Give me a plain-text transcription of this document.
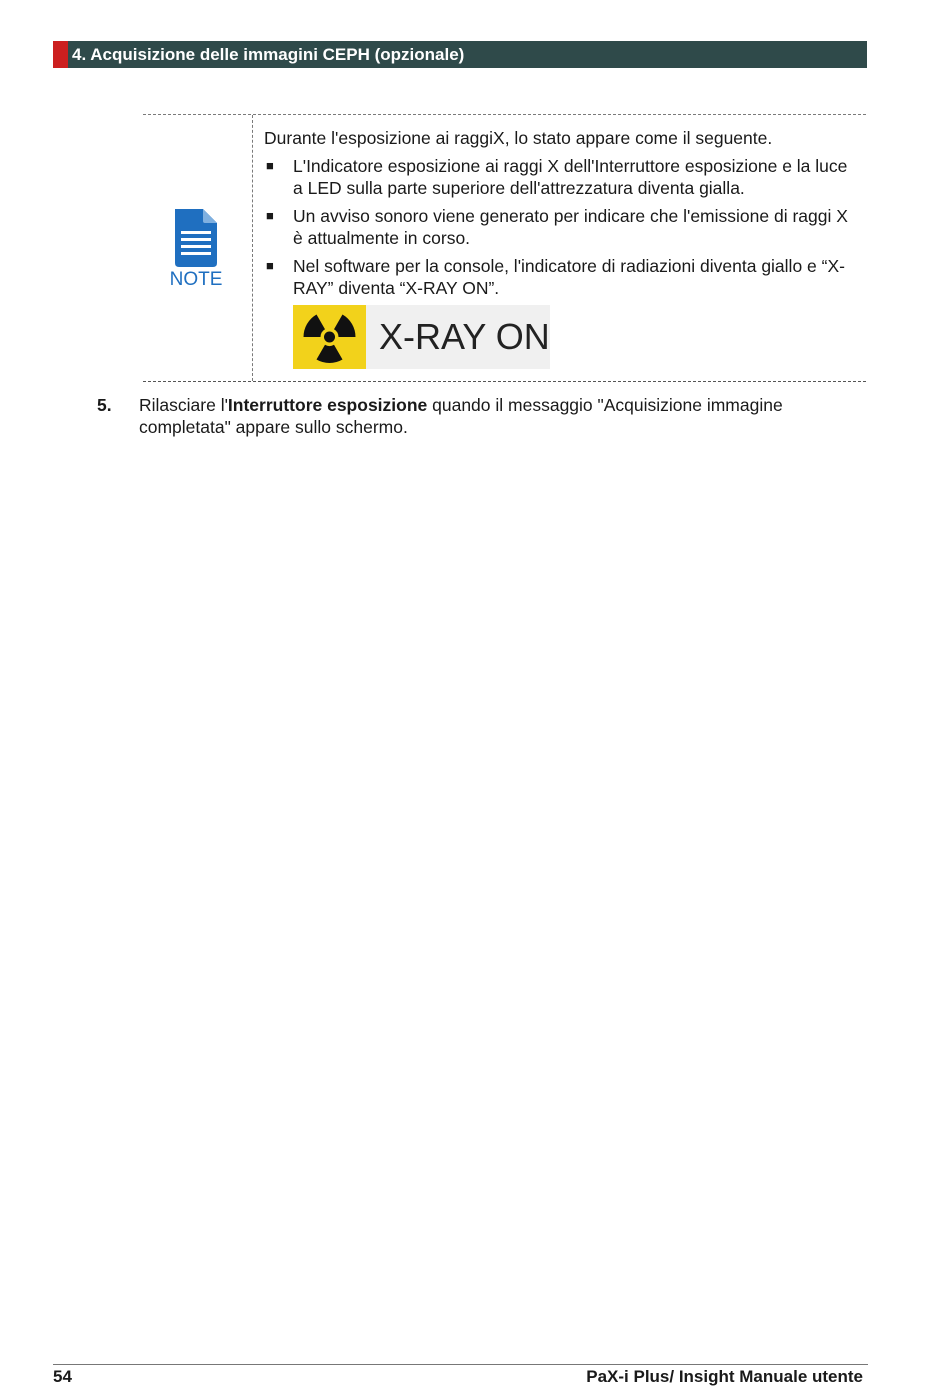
4. Acquisizione delle immagini CEPH (opzionale)
NOTE

Durante l'esposizione ai raggiX, lo stato appare come il seguente.

■ L'Indicatore esposizione ai raggi X dell'Interruttore esposizione e la luce a LED sulla parte superiore dell'attrezzatura diventa gialla.
■ Un avviso sonoro viene generato per indicare che l'emissione di raggi X è attualmente in corso.
■ Nel software per la console, l'indicatore di radiazioni diventa giallo e “X-RAY” diventa “X-RAY ON”.
X-RAY ON
5. Rilasciare l'Interruttore esposizione quando il messaggio "Acquisizione immagine completata" appare sullo schermo.
54	PaX-i Plus/ Insight Manuale utente
